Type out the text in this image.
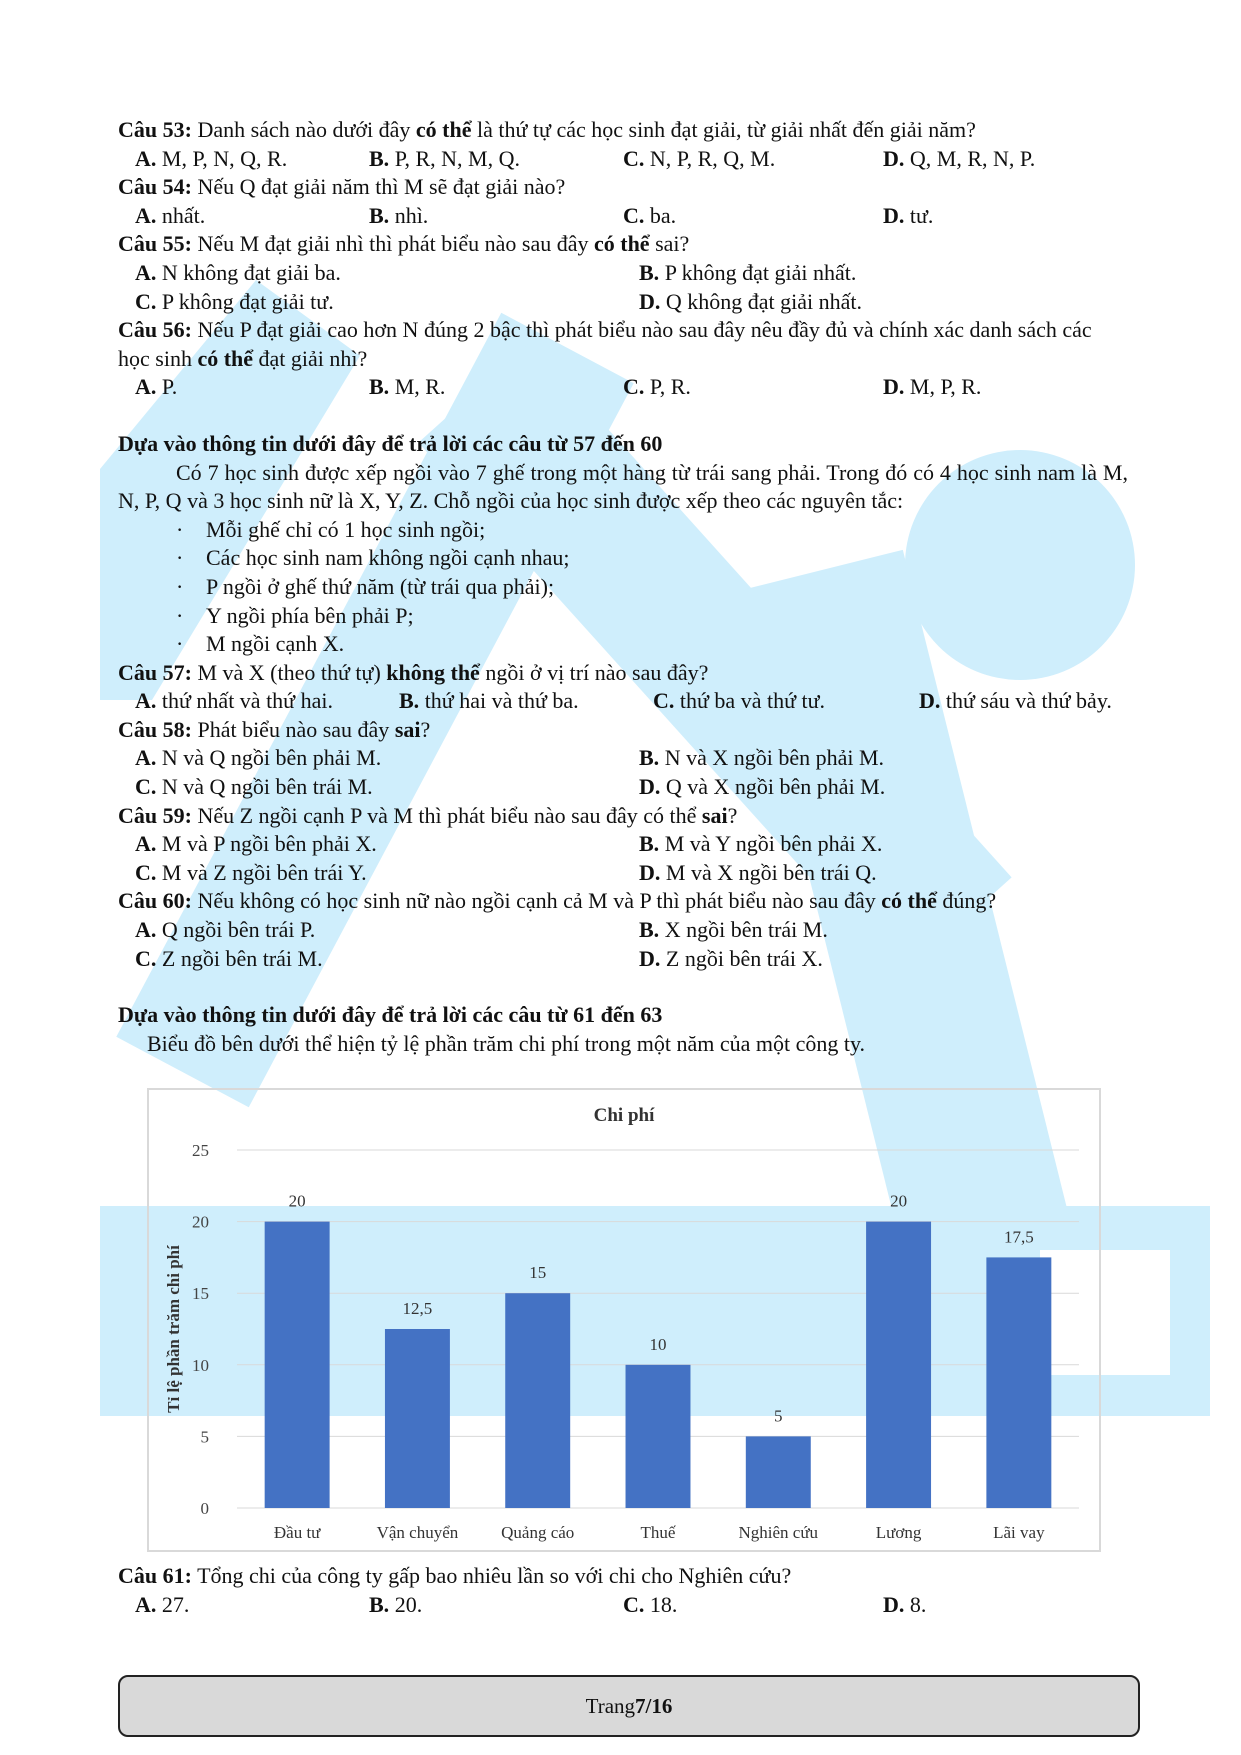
Câu 53: Danh sách nào dưới đây có thể là thứ tự các học sinh đạt giải, từ giải nhất đến giải năm?
A. M, P, N, Q, R.	B. P, R, N, M, Q.	C. N, P, R, Q, M.	D. Q, M, R, N, P.
Câu 54: Nếu Q đạt giải năm thì M sẽ đạt giải nào?
A. nhất.	B. nhì.	C. ba.	D. tư.
Câu 55: Nếu M đạt giải nhì thì phát biểu nào sau đây có thể sai?
A. N không đạt giải ba.	B. P không đạt giải nhất.
C. P không đạt giải tư.	D. Q không đạt giải nhất.
Câu 56: Nếu P đạt giải cao hơn N đúng 2 bậc thì phát biểu nào sau đây nêu đầy đủ và chính xác danh sách các học sinh có thể đạt giải nhì?
A. P.	B. M, R.	C. P, R.	D. M, P, R.
Dựa vào thông tin dưới đây để trả lời các câu từ 57 đến 60
Có 7 học sinh được xếp ngồi vào 7 ghế trong một hàng từ trái sang phải. Trong đó có 4 học sinh nam là M, N, P, Q và 3 học sinh nữ là X, Y, Z. Chỗ ngồi của học sinh được xếp theo các nguyên tắc:
· Mỗi ghế chỉ có 1 học sinh ngồi;
· Các học sinh nam không ngồi cạnh nhau;
· P ngồi ở ghế thứ năm (từ trái qua phải);
· Y ngồi phía bên phải P;
· M ngồi cạnh X.
Câu 57: M và X (theo thứ tự) không thể ngồi ở vị trí nào sau đây?
A. thứ nhất và thứ hai.	B. thứ hai và thứ ba.	C. thứ ba và thứ tư.	D. thứ sáu và thứ bảy.
Câu 58: Phát biểu nào sau đây sai?
A. N và Q ngồi bên phải M.	B. N và X ngồi bên phải M.
C. N và Q ngồi bên trái M.	D. Q và X ngồi bên phải M.
Câu 59: Nếu Z ngồi cạnh P và M thì phát biểu nào sau đây có thể sai?
A. M và P ngồi bên phải X.	B. M và Y ngồi bên phải X.
C. M và Z ngồi bên trái Y.	D. M và X ngồi bên trái Q.
Câu 60: Nếu không có học sinh nữ nào ngồi cạnh cả M và P thì phát biểu nào sau đây có thể đúng?
A. Q ngồi bên trái P.	B. X ngồi bên trái M.
C. Z ngồi bên trái M.	D. Z ngồi bên trái X.
Dựa vào thông tin dưới đây để trả lời các câu từ 61 đến 63
Biểu đồ bên dưới thể hiện tỷ lệ phần trăm chi phí trong một năm của một công ty.
Chi phí
0
5
10
15
20
25
Tỉ lệ phần trăm chi phí
20
Đầu tư
12,5
Vận chuyển
15
Quảng cáo
10
Thuế
5
Nghiên cứu
20
Lương
17,5
Lãi vay
Câu 61: Tổng chi của công ty gấp bao nhiêu lần so với chi cho Nghiên cứu?
A. 27.	B. 20.	C. 18.	D. 8.
Trang 7/16
